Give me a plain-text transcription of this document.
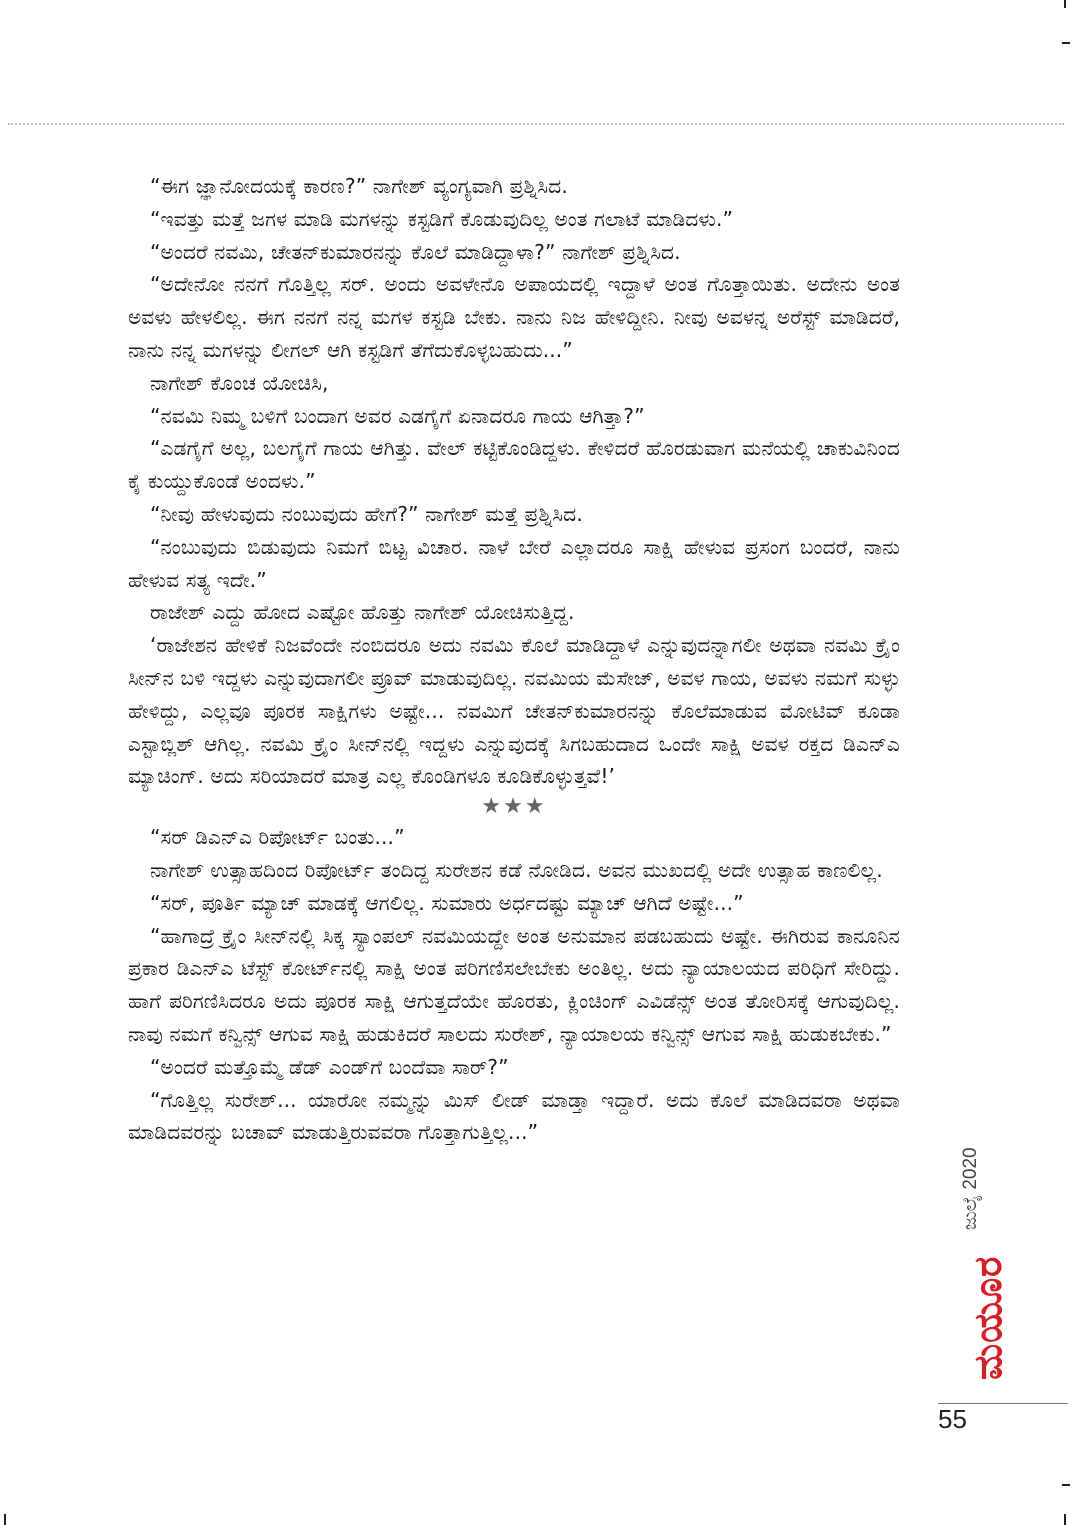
“ಈಗ ಜ್ಞಾನೋದಯಕ್ಕೆ ಕಾರಣ?” ನಾಗೇಶ್ ವ್ಯಂಗ್ಯವಾಗಿ ಪ್ರಶ್ನಿಸಿದ.

“ಇವತ್ತು ಮತ್ತೆ ಜಗಳ ಮಾಡಿ ಮಗಳನ್ನು ಕಸ್ಟಡಿಗೆ ಕೊಡುವುದಿಲ್ಲ ಅಂತ ಗಲಾಟೆ ಮಾಡಿದಳು.”

“ಅಂದರೆ ನವಮಿ, ಚೇತನ್‌ಕುಮಾರನನ್ನು ಕೊಲೆ ಮಾಡಿದ್ದಾಳಾ?” ನಾಗೇಶ್ ಪ್ರಶ್ನಿಸಿದ.

“ಅದೇನೋ ನನಗೆ ಗೊತ್ತಿಲ್ಲ ಸರ್. ಅಂದು ಅವಳೇನೊ ಅಪಾಯದಲ್ಲಿ ಇದ್ದಾಳೆ ಅಂತ ಗೊತ್ತಾಯಿತು. ಅದೇನು ಅಂತ ಅವಳು ಹೇಳಲಿಲ್ಲ. ಈಗ ನನಗೆ ನನ್ನ ಮಗಳ ಕಸ್ಟಡಿ ಬೇಕು. ನಾನು ನಿಜ ಹೇಳಿದ್ದೀನಿ. ನೀವು ಅವಳನ್ನ ಅರೆಸ್ಟ್ ಮಾಡಿದರೆ, ನಾನು ನನ್ನ ಮಗಳನ್ನು ಲೀಗಲ್ ಆಗಿ ಕಸ್ಟಡಿಗೆ ತೆಗೆದುಕೊಳ್ಳಬಹುದು...”

ನಾಗೇಶ್ ಕೊಂಚ ಯೋಚಿಸಿ,

“ನವಮಿ ನಿಮ್ಮ ಬಳಿಗೆ ಬಂದಾಗ ಅವರ ಎಡಗೈಗೆ ಏನಾದರೂ ಗಾಯ ಆಗಿತ್ತಾ?”

“ಎಡಗೈಗೆ ಅಲ್ಲ, ಬಲಗೈಗೆ ಗಾಯ ಆಗಿತ್ತು. ವೇಲ್ ಕಟ್ಟಿಕೊಂಡಿದ್ದಳು. ಕೇಳಿದರೆ ಹೊರಡುವಾಗ ಮನೆಯಲ್ಲಿ ಚಾಕುವಿನಿಂದ ಕೈ ಕುಯ್ದುಕೊಂಡೆ ಅಂದಳು.”

“ನೀವು ಹೇಳುವುದು ನಂಬುವುದು ಹೇಗೆ?” ನಾಗೇಶ್ ಮತ್ತೆ ಪ್ರಶ್ನಿಸಿದ.

“ನಂಬುವುದು ಬಿಡುವುದು ನಿಮಗೆ ಬಿಟ್ಟ ವಿಚಾರ. ನಾಳೆ ಬೇರೆ ಎಲ್ಲಾದರೂ ಸಾಕ್ಷಿ ಹೇಳುವ ಪ್ರಸಂಗ ಬಂದರೆ, ನಾನು ಹೇಳುವ ಸತ್ಯ ಇದೇ.”

ರಾಜೇಶ್ ಎದ್ದು ಹೋದ ಎಷ್ಟೋ ಹೊತ್ತು ನಾಗೇಶ್ ಯೋಚಿಸುತ್ತಿದ್ದ.

‘ರಾಜೇಶನ ಹೇಳಿಕೆ ನಿಜವೆಂದೇ ನಂಬಿದರೂ ಅದು ನವಮಿ ಕೊಲೆ ಮಾಡಿದ್ದಾಳೆ ಎನ್ನುವುದನ್ನಾಗಲೀ ಅಥವಾ ನವಮಿ ಕ್ರೈಂ ಸೀನ್‌ನ ಬಳಿ ಇದ್ದಳು ಎನ್ನುವುದಾಗಲೀ ಪ್ರೂವ್ ಮಾಡುವುದಿಲ್ಲ. ನವಮಿಯ ಮೆಸೇಜ್, ಅವಳ ಗಾಯ, ಅವಳು ನಮಗೆ ಸುಳ್ಳು ಹೇಳಿದ್ದು, ಎಲ್ಲವೂ ಪೂರಕ ಸಾಕ್ಷಿಗಳು ಅಷ್ಟೇ... ನವಮಿಗೆ ಚೇತನ್‌ಕುಮಾರನನ್ನು ಕೊಲೆಮಾಡುವ ಮೋಟಿವ್ ಕೂಡಾ ಎಸ್ಟಾಬ್ಲಿಶ್ ಆಗಿಲ್ಲ. ನವಮಿ ಕ್ರೈಂ ಸೀನ್‌ನಲ್ಲಿ ಇದ್ದಳು ಎನ್ನುವುದಕ್ಕೆ ಸಿಗಬಹುದಾದ ಒಂದೇ ಸಾಕ್ಷಿ ಅವಳ ರಕ್ತದ ಡಿಎನ್‌ಎ ಮ್ಯಾಚಿಂಗ್. ಅದು ಸರಿಯಾದರೆ ಮಾತ್ರ ಎಲ್ಲ ಕೊಂಡಿಗಳೂ ಕೂಡಿಕೊಳ್ಳುತ್ತವೆ!’

★★★

“ಸರ್ ಡಿಎನ್‌ಎ ರಿಪೋರ್ಟ್ ಬಂತು...”

ನಾಗೇಶ್ ಉತ್ಸಾಹದಿಂದ ರಿಪೋರ್ಟ್ ತಂದಿದ್ದ ಸುರೇಶನ ಕಡೆ ನೋಡಿದ. ಅವನ ಮುಖದಲ್ಲಿ ಅದೇ ಉತ್ಸಾಹ ಕಾಣಲಿಲ್ಲ.

“ಸರ್, ಪೂರ್ತಿ ಮ್ಯಾಚ್ ಮಾಡಕ್ಕೆ ಆಗಲಿಲ್ಲ. ಸುಮಾರು ಅರ್ಧದಷ್ಟು ಮ್ಯಾಚ್ ಆಗಿದೆ ಅಷ್ಟೇ...”

“ಹಾಗಾದ್ರೆ ಕ್ರೈಂ ಸೀನ್‌ನಲ್ಲಿ ಸಿಕ್ಕ ಸ್ಯಾಂಪಲ್ ನವಮಿಯದ್ದೇ ಅಂತ ಅನುಮಾನ ಪಡಬಹುದು ಅಷ್ಟೇ. ಈಗಿರುವ ಕಾನೂನಿನ ಪ್ರಕಾರ ಡಿಎನ್‌ಎ ಟೆಸ್ಟ್ ಕೋರ್ಟ್‌ನಲ್ಲಿ ಸಾಕ್ಷಿ ಅಂತ ಪರಿಗಣಿಸಲೇಬೇಕು ಅಂತಿಲ್ಲ. ಅದು ನ್ಯಾಯಾಲಯದ ಪರಿಧಿಗೆ ಸೇರಿದ್ದು. ಹಾಗೆ ಪರಿಗಣಿಸಿದರೂ ಅದು ಪೂರಕ ಸಾಕ್ಷಿ ಆಗುತ್ತದೆಯೇ ಹೊರತು, ಕ್ಲಿಂಚಿಂಗ್ ಎವಿಡೆನ್ಸ್ ಅಂತ ತೋರಿಸಕ್ಕೆ ಆಗುವುದಿಲ್ಲ. ನಾವು ನಮಗೆ ಕನ್ವಿನ್ಸ್ ಆಗುವ ಸಾಕ್ಷಿ ಹುಡುಕಿದರೆ ಸಾಲದು ಸುರೇಶ್, ನ್ಯಾಯಾಲಯ ಕನ್ವಿನ್ಸ್ ಆಗುವ ಸಾಕ್ಷಿ ಹುಡುಕಬೇಕು.”

“ಅಂದರೆ ಮತ್ತೊಮ್ಮೆ ಡೆಡ್ ಎಂಡ್‌ಗೆ ಬಂದೆವಾ ಸಾರ್?”

“ಗೊತ್ತಿಲ್ಲ ಸುರೇಶ್... ಯಾರೋ ನಮ್ಮನ್ನು ಮಿಸ್ ಲೀಡ್ ಮಾಡ್ತಾ ಇದ್ದಾರೆ. ಅದು ಕೊಲೆ ಮಾಡಿದವರಾ ಅಥವಾ ಮಾಡಿದವರನ್ನು ಬಚಾವ್ ಮಾಡುತ್ತಿರುವವರಾ ಗೊತ್ತಾಗುತ್ತಿಲ್ಲ...”

ಜುಲೈ 2020
ಮಯೂರ
55
